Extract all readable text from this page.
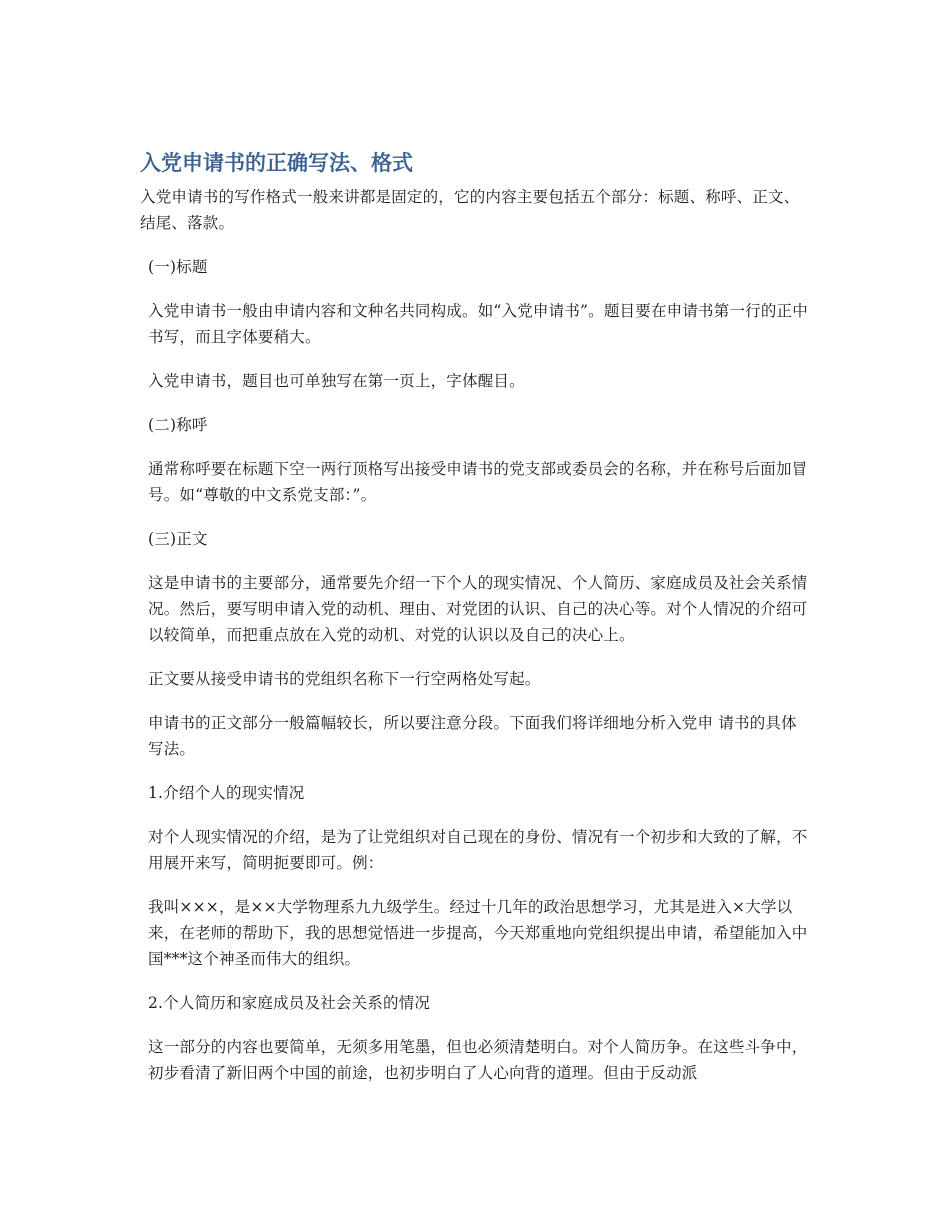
入党申请书的正确写法、格式

入党申请书的写作格式一般来讲都是固定的，它的内容主要包括五个部分：标题、称呼、正文、结尾、落款。

(一)标题

入党申请书一般由申请内容和文种名共同构成。如“入党申请书”。题目要在申请书第一行的正中书写，而且字体要稍大。

入党申请书，题目也可单独写在第一页上，字体醒目。

(二)称呼

通常称呼要在标题下空一两行顶格写出接受申请书的党支部或委员会的名称，并在称号后面加冒号。如“尊敬的中文系党支部：”。

(三)正文

这是申请书的主要部分，通常要先介绍一下个人的现实情况、个人简历、家庭成员及社会关系情况。然后，要写明申请入党的动机、理由、对党团的认识、自己的决心等。对个人情况的介绍可以较简单，而把重点放在入党的动机、对党的认识以及自己的决心上。

正文要从接受申请书的党组织名称下一行空两格处写起。

申请书的正文部分一般篇幅较长，所以要注意分段。下面我们将详细地分析入党申 请书的具体写法。

1.介绍个人的现实情况

对个人现实情况的介绍，是为了让党组织对自己现在的身份、情况有一个初步和大致的了解，不用展开来写，简明扼要即可。例：

我叫×××，是××大学物理系九九级学生。经过十几年的政治思想学习，尤其是进入×大学以来，在老师的帮助下，我的思想觉悟进一步提高，今天郑重地向党组织提出申请，希望能加入中国***这个神圣而伟大的组织。

2.个人简历和家庭成员及社会关系的情况

这一部分的内容也要简单，无须多用笔墨，但也必须清楚明白。对个人简历争。在这些斗争中，初步看清了新旧两个中国的前途，也初步明白了人心向背的道理。但由于反动派
